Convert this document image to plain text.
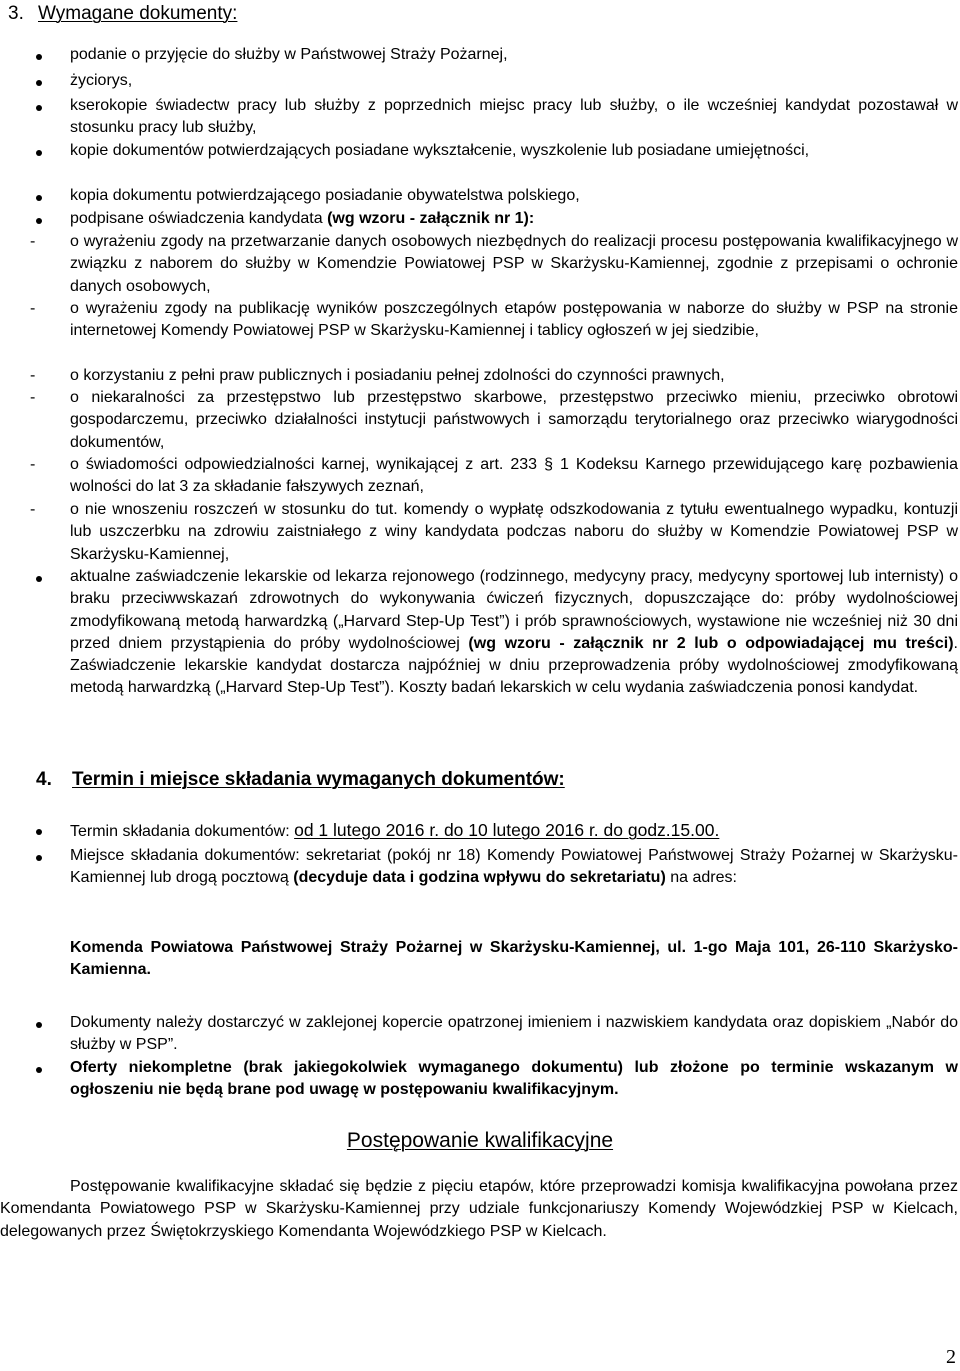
3. Wymagane dokumenty:
podanie o przyjęcie do służby w Państwowej Straży Pożarnej,
życiorys,
kserokopie świadectw pracy lub służby z poprzednich miejsc pracy lub służby, o ile wcześniej kandydat pozostawał w stosunku pracy lub służby,
kopie dokumentów potwierdzających posiadane wykształcenie, wyszkolenie lub posiadane umiejętności,
kopia dokumentu potwierdzającego posiadanie obywatelstwa polskiego,
podpisane oświadczenia kandydata (wg wzoru - załącznik nr 1):
- o wyrażeniu zgody na przetwarzanie danych osobowych niezbędnych do realizacji procesu postępowania kwalifikacyjnego w związku z naborem do służby w Komendzie Powiatowej PSP w Skarżysku-Kamiennej, zgodnie z przepisami o ochronie danych osobowych,
- o wyrażeniu zgody na publikację wyników poszczególnych etapów postępowania w naborze do służby w PSP na stronie internetowej Komendy Powiatowej PSP w Skarżysku-Kamiennej i tablicy ogłoszeń w jej siedzibie,
- o korzystaniu z pełni praw publicznych i posiadaniu pełnej zdolności do czynności prawnych,
- o niekaralności za przestępstwo lub przestępstwo skarbowe, przestępstwo przeciwko mieniu, przeciwko obrotowi gospodarczemu, przeciwko działalności instytucji państwowych i samorządu terytorialnego oraz przeciwko wiarygodności dokumentów,
- o świadomości odpowiedzialności karnej, wynikającej z art. 233 § 1 Kodeksu Karnego przewidującego karę pozbawienia wolności do lat 3 za składanie fałszywych zeznań,
- o nie wnoszeniu roszczeń w stosunku do tut. komendy o wypłatę odszkodowania z tytułu ewentualnego wypadku, kontuzji lub uszczerbku na zdrowiu zaistniałego z winy kandydata podczas naboru do służby w Komendzie Powiatowej PSP w Skarżysku-Kamiennej,
aktualne zaświadczenie lekarskie od lekarza rejonowego (rodzinnego, medycyny pracy, medycyny sportowej lub internisty) o braku przeciwwskazań zdrowotnych do wykonywania ćwiczeń fizycznych, dopuszczające do: próby wydolnościowej zmodyfikowaną metodą harwardzką („Harvard Step-Up Test”) i prób sprawnościowych, wystawione nie wcześniej niż 30 dni przed dniem przystąpienia do próby wydolnościowej (wg wzoru - załącznik nr 2 lub o odpowiadającej mu treści). Zaświadczenie lekarskie kandydat dostarcza najpóźniej w dniu przeprowadzenia próby wydolnościowej zmodyfikowaną metodą harwardzką („Harvard Step-Up Test”). Koszty badań lekarskich w celu wydania zaświadczenia ponosi kandydat.
4. Termin i miejsce składania wymaganych dokumentów:
Termin składania dokumentów: od 1 lutego 2016 r. do 10 lutego 2016 r. do godz.15.00.
Miejsce składania dokumentów: sekretariat (pokój nr 18) Komendy Powiatowej Państwowej Straży Pożarnej w Skarżysku-Kamiennej lub drogą pocztową (decyduje data i godzina wpływu do sekretariatu) na adres:
Komenda Powiatowa Państwowej Straży Pożarnej w Skarżysku-Kamiennej, ul. 1-go Maja 101, 26-110 Skarżysko-Kamienna.
Dokumenty należy dostarczyć w zaklejonej kopercie opatrzonej imieniem i nazwiskiem kandydata oraz dopiskiem „Nabór do służby w PSP”.
Oferty niekompletne (brak jakiegokolwiek wymaganego dokumentu) lub złożone po terminie wskazanym w ogłoszeniu nie będą brane pod uwagę w postępowaniu kwalifikacyjnym.
Postępowanie kwalifikacyjne
Postępowanie kwalifikacyjne składać się będzie z pięciu etapów, które przeprowadzi komisja kwalifikacyjna powołana przez Komendanta Powiatowego PSP w Skarżysku-Kamiennej przy udziale funkcjonariuszy Komendy Wojewódzkiej PSP w Kielcach, delegowanych przez Świętokrzyskiego Komendanta Wojewódzkiego PSP w Kielcach.
2
